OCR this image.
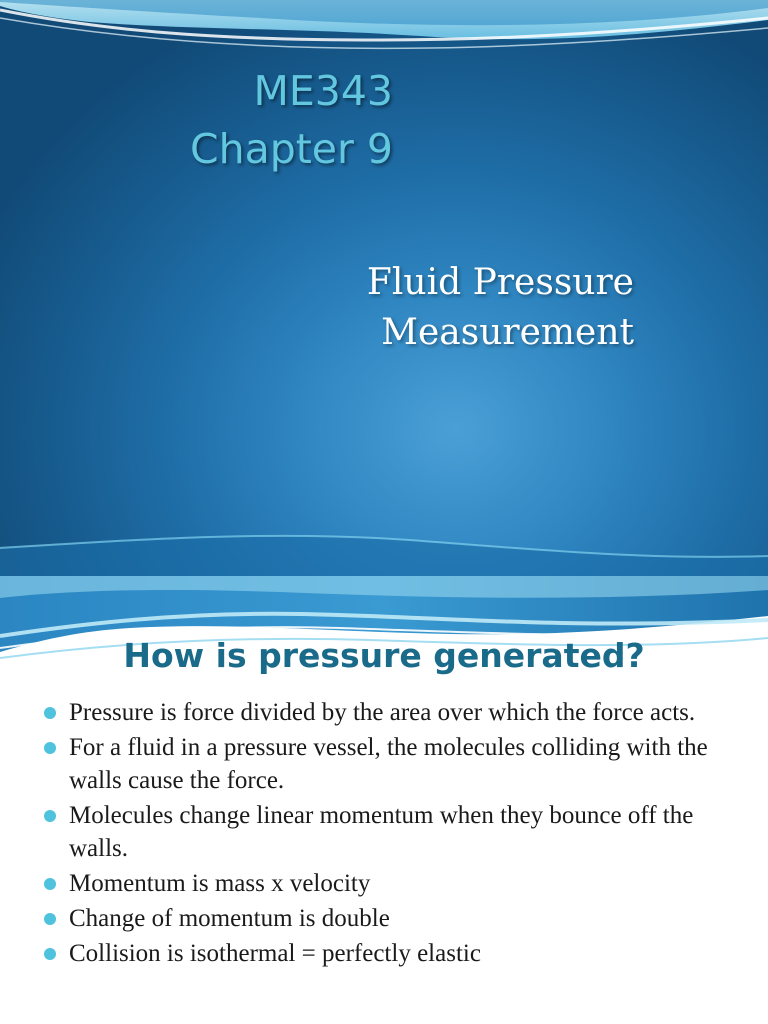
ME343
Chapter 9
Fluid Pressure
Measurement
How is pressure generated?
Pressure is force divided by the area over which the force acts.
For a fluid in a pressure vessel, the molecules colliding with the walls cause the force.
Molecules change linear momentum when they bounce off the walls.
Momentum is mass x velocity
Change of momentum is double
Collision is isothermal = perfectly elastic
